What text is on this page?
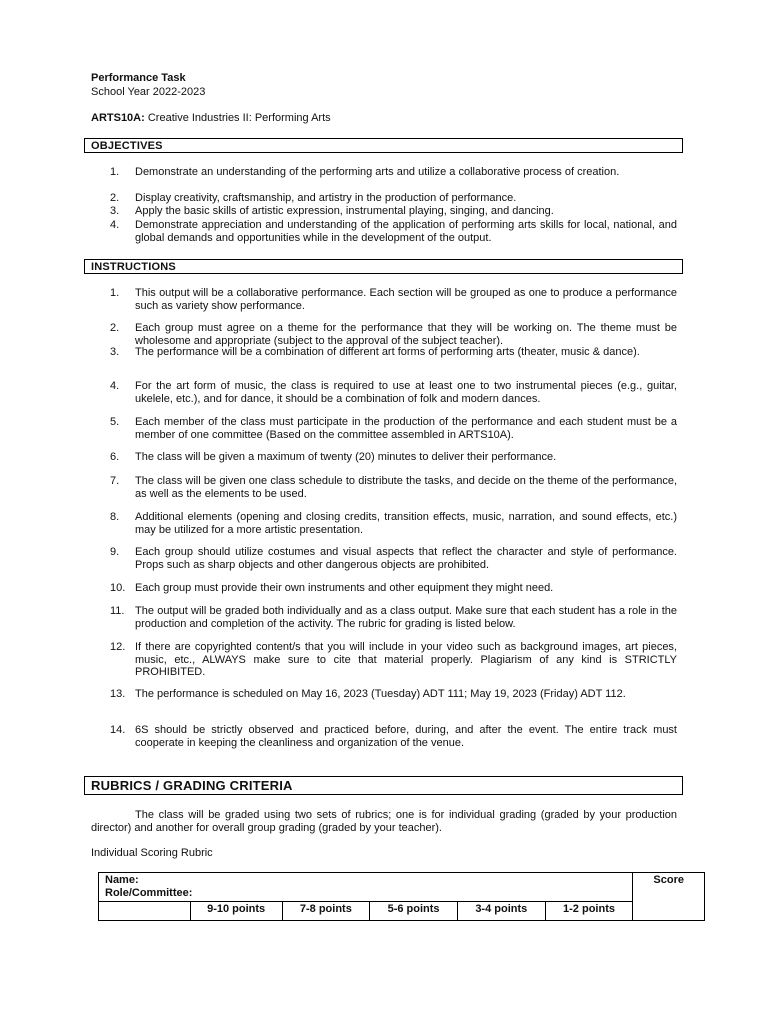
Performance Task
School Year 2022-2023
ARTS10A: Creative Industries II: Performing Arts
OBJECTIVES
1. Demonstrate an understanding of the performing arts and utilize a collaborative process of creation.
2. Display creativity, craftsmanship, and artistry in the production of performance.
3. Apply the basic skills of artistic expression, instrumental playing, singing, and dancing.
4. Demonstrate appreciation and understanding of the application of performing arts skills for local, national, and global demands and opportunities while in the development of the output.
INSTRUCTIONS
1. This output will be a collaborative performance. Each section will be grouped as one to produce a performance such as variety show performance.
2. Each group must agree on a theme for the performance that they will be working on. The theme must be wholesome and appropriate (subject to the approval of the subject teacher).
3. The performance will be a combination of different art forms of performing arts (theater, music & dance).
4. For the art form of music, the class is required to use at least one to two instrumental pieces (e.g., guitar, ukelele, etc.), and for dance, it should be a combination of folk and modern dances.
5. Each member of the class must participate in the production of the performance and each student must be a member of one committee (Based on the committee assembled in ARTS10A).
6. The class will be given a maximum of twenty (20) minutes to deliver their performance.
7. The class will be given one class schedule to distribute the tasks, and decide on the theme of the performance, as well as the elements to be used.
8. Additional elements (opening and closing credits, transition effects, music, narration, and sound effects, etc.) may be utilized for a more artistic presentation.
9. Each group should utilize costumes and visual aspects that reflect the character and style of performance. Props such as sharp objects and other dangerous objects are prohibited.
10. Each group must provide their own instruments and other equipment they might need.
11. The output will be graded both individually and as a class output. Make sure that each student has a role in the production and completion of the activity. The rubric for grading is listed below.
12. If there are copyrighted content/s that you will include in your video such as background images, art pieces, music, etc., ALWAYS make sure to cite that material properly. Plagiarism of any kind is STRICTLY PROHIBITED.
13. The performance is scheduled on May 16, 2023 (Tuesday) ADT 111; May 19, 2023 (Friday) ADT 112.
14. 6S should be strictly observed and practiced before, during, and after the event. The entire track must cooperate in keeping the cleanliness and organization of the venue.
RUBRICS / GRADING CRITERIA
The class will be graded using two sets of rubrics; one is for individual grading (graded by your production director) and another for overall group grading (graded by your teacher).
Individual Scoring Rubric
Name:
Role/Committee:						Score
	9-10 points	7-8 points	5-6 points	3-4 points	1-2 points	
